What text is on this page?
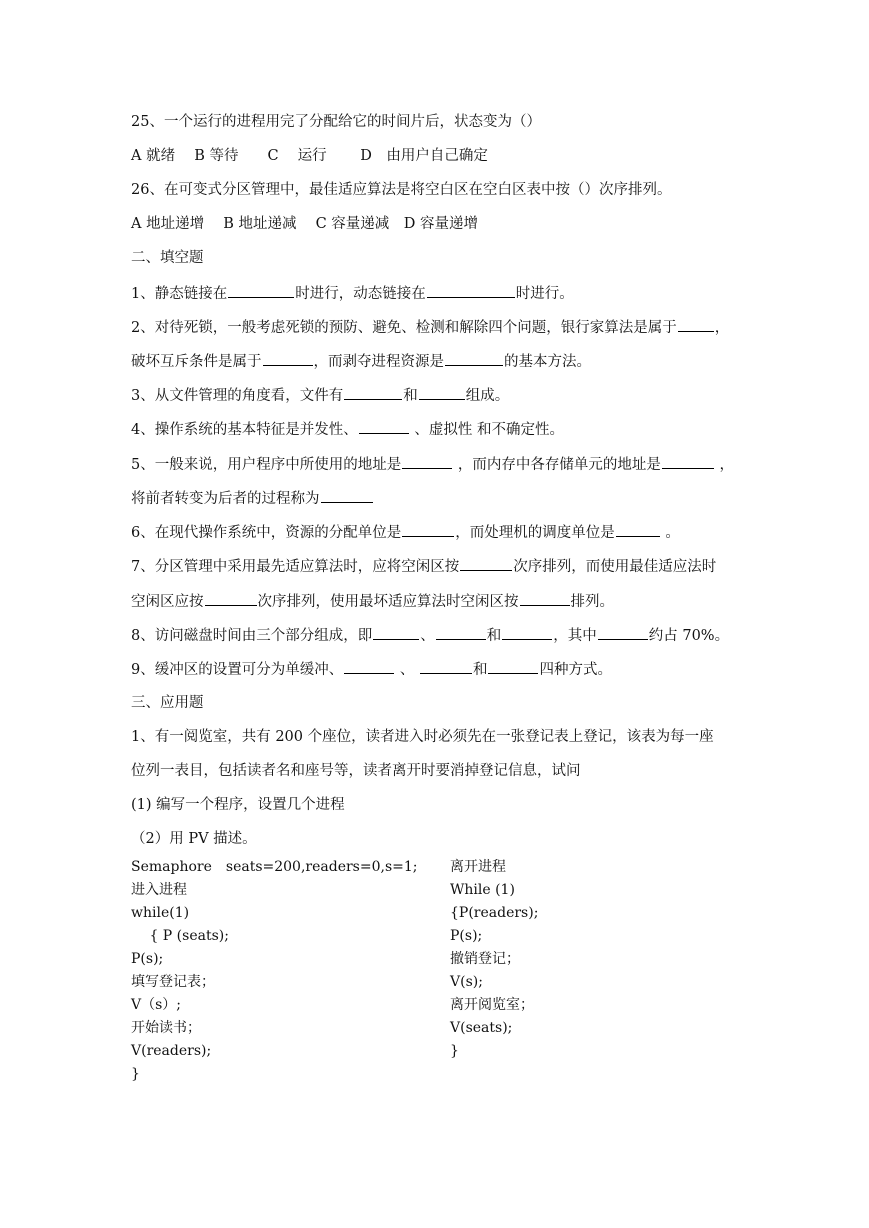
25、一个运行的进程用完了分配给它的时间片后，状态变为（）
A 就绪　 B 等待　　C　 运行　　 D　由用户自己确定
26、在可变式分区管理中，最佳适应算法是将空白区在空白区表中按（）次序排列。
A 地址递增　 B 地址递减　 C 容量递减　D 容量递增
二、填空题
1、静态链接在	时进行，动态链接在	时进行。
2、对待死锁，一般考虑死锁的预防、避免、检测和解除四个问题，银行家算法是属于	，
破坏互斥条件是属于	，而剥夺进程资源是	的基本方法。
3、从文件管理的角度看，文件有	和	组成。
4、操作系统的基本特征是并发性、	、虚拟性 和不确定性。
5、一般来说，用户程序中所使用的地址是	，而内存中各存储单元的地址是	，
将前者转变为后者的过程称为
6、在现代操作系统中，资源的分配单位是	，而处理机的调度单位是	。
7、分区管理中采用最先适应算法时，应将空闲区按	次序排列，而使用最佳适应法时
空闲区应按	次序排列，使用最坏适应算法时空闲区按	排列。
8、访问磁盘时间由三个部分组成，即	、	和	，其中	约占 70%。
9、缓冲区的设置可分为单缓冲、	、	和	四种方式。
三、应用题
1、有一阅览室，共有 200 个座位，读者进入时必须先在一张登记表上登记，该表为每一座
位列一表目，包括读者名和座号等，读者离开时要消掉登记信息，试问
(1) 编写一个程序，设置几个进程
（2）用 PV 描述。
Semaphore　seats=200,readers=0,s=1;
进入进程
while(1)
　 { P (seats);
P(s);
填写登记表；
V（s）;
开始读书；
V(readers);
}
离开进程
While (1)
{P(readers);
P(s);
撤销登记；
V(s);
离开阅览室；
V(seats);
}
